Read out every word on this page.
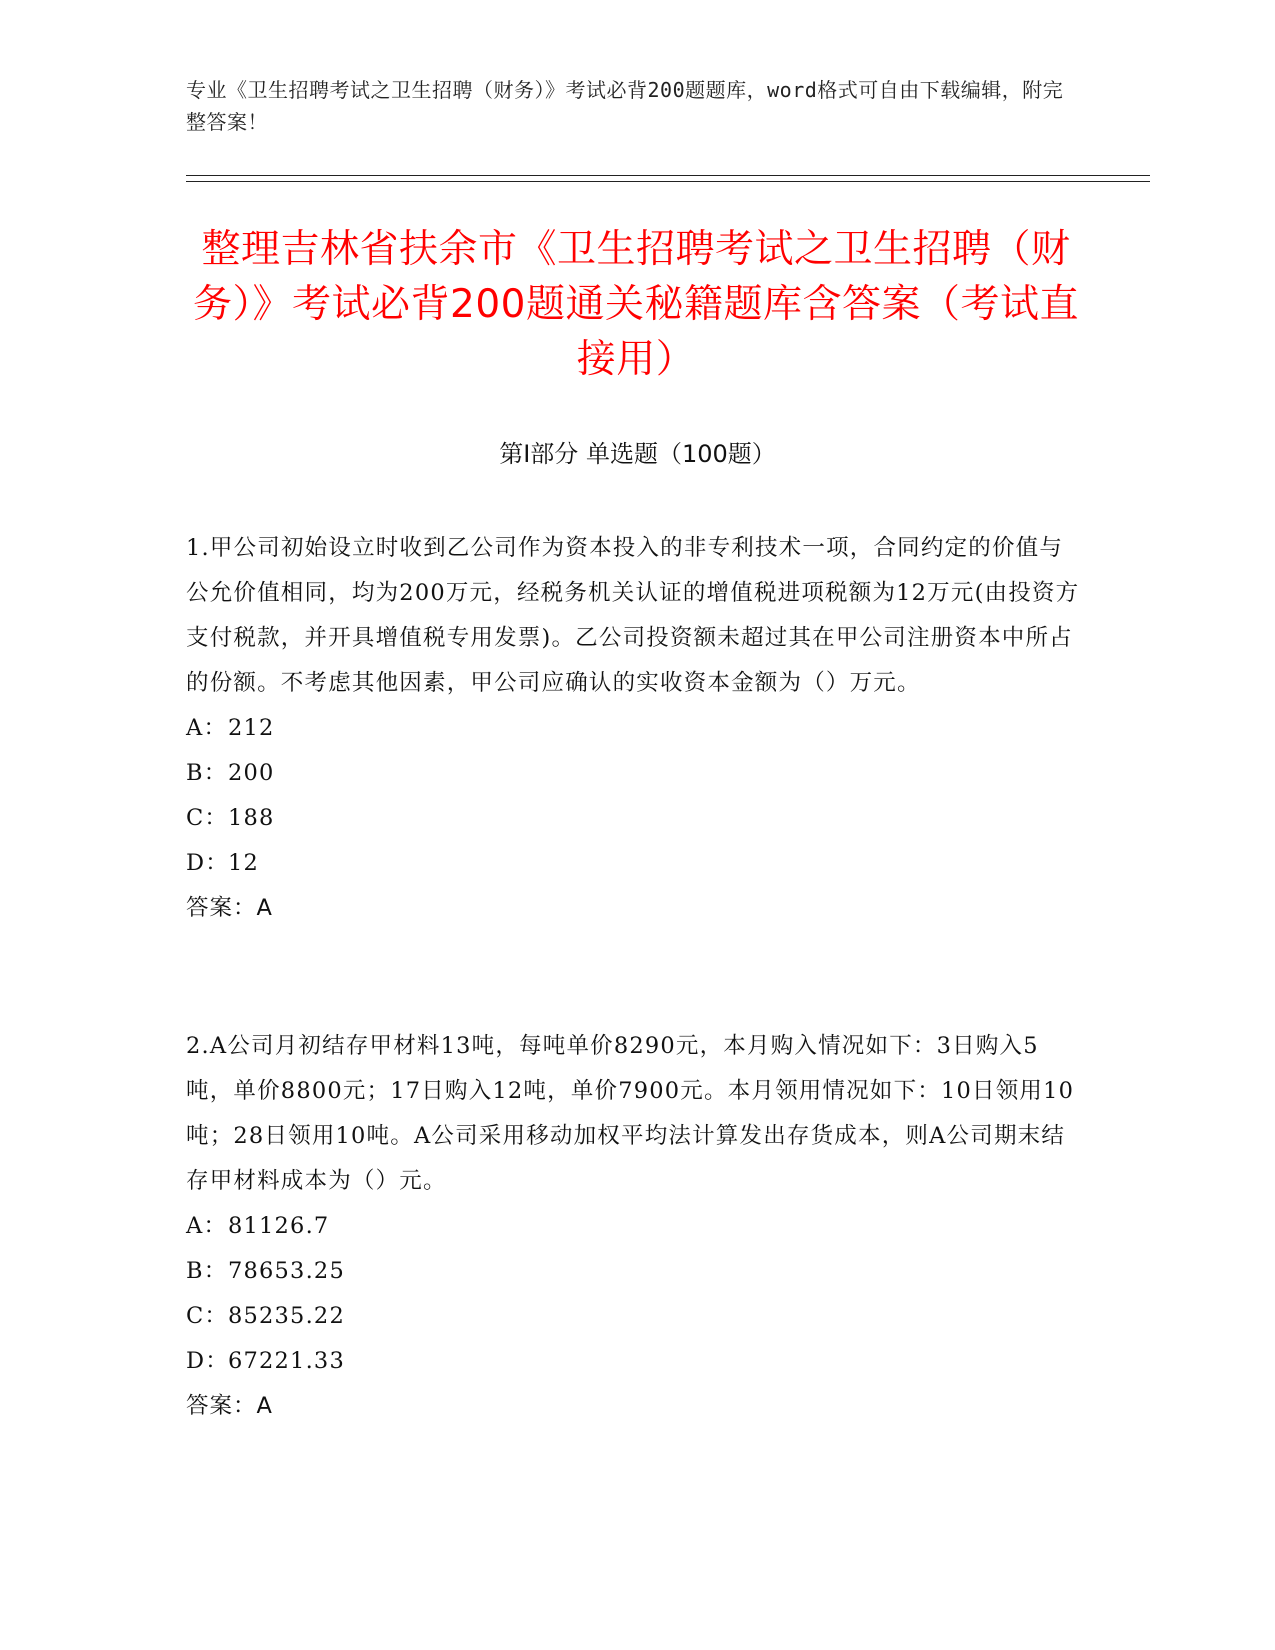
专业《卫生招聘考试之卫生招聘（财务）》考试必背200题题库，word格式可自由下载编辑，附完整答案！
整理吉林省扶余市《卫生招聘考试之卫生招聘（财务）》考试必背200题通关秘籍题库含答案（考试直接用）
第Ⅰ部分 单选题（100题）

1.甲公司初始设立时收到乙公司作为资本投入的非专利技术一项，合同约定的价值与公允价值相同，均为200万元，经税务机关认证的增值税进项税额为12万元(由投资方支付税款，并开具增值税专用发票)。乙公司投资额未超过其在甲公司注册资本中所占的份额。不考虑其他因素，甲公司应确认的实收资本金额为（）万元。

A：212

B：200

C：188

D：12

答案：A

2.A公司月初结存甲材料13吨，每吨单价8290元，本月购入情况如下：3日购入5吨，单价8800元；17日购入12吨，单价7900元。本月领用情况如下：10日领用10吨；28日领用10吨。A公司采用移动加权平均法计算发出存货成本，则A公司期末结存甲材料成本为（）元。

A：81126.7

B：78653.25

C：85235.22

D：67221.33

答案：A
